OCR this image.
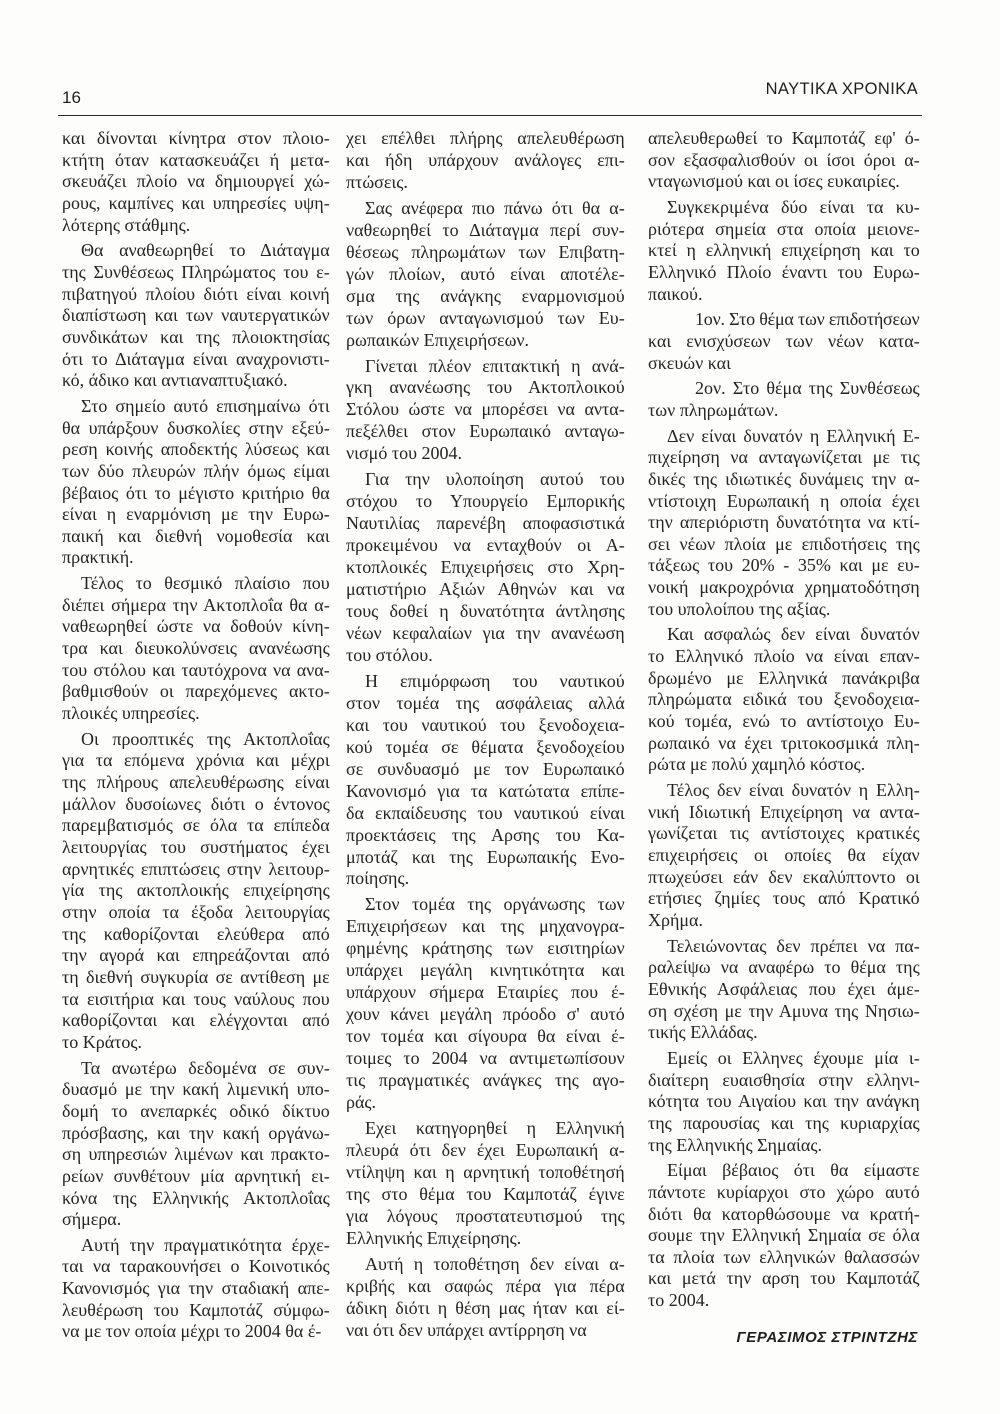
16	ΝΑΥΤΙΚΑ ΧΡΟΝΙΚΑ
και δίνονται κίνητρα στον πλοιο-
κτήτη όταν κατασκευάζει ή μετα-
σκευάζει πλοίο να δημιουργεί χώ-
ρους, καμπίνες και υπηρεσίες υψη-
λότερης στάθμης.
Θα αναθεωρηθεί το Διάταγμα
της Συνθέσεως Πληρώματος του ε-
πιβατηγού πλοίου διότι είναι κοινή
διαπίστωση και των ναυτεργατικών
συνδικάτων και της πλοιοκτησίας
ότι το Διάταγμα είναι αναχρονιστι-
κό, άδικο και αντιαναπτυξιακό.
Στο σημείο αυτό επισημαίνω ότι
θα υπάρξουν δυσκολίες στην εξεύ-
ρεση κοινής αποδεκτής λύσεως και
των δύο πλευρών πλήν όμως είμαι
βέβαιος ότι το μέγιστο κριτήριο θα
είναι η εναρμόνιση με την Ευρω-
παική και διεθνή νομοθεσία και
πρακτική.
Τέλος το θεσμικό πλαίσιο που
διέπει σήμερα την Ακτοπλοΐα θα α-
ναθεωρηθεί ώστε να δοθούν κίνη-
τρα και διευκολύνσεις ανανέωσης
του στόλου και ταυτόχρονα να ανα-
βαθμισθούν οι παρεχόμενες ακτο-
πλοικές υπηρεσίες.
Οι προοπτικές της Ακτοπλοΐας
για τα επόμενα χρόνια και μέχρι
της πλήρους απελευθέρωσης είναι
μάλλον δυσοίωνες διότι ο έντονος
παρεμβατισμός σε όλα τα επίπεδα
λειτουργίας του συστήματος έχει
αρνητικές επιπτώσεις στην λειτουρ-
γία της ακτοπλοικής επιχείρησης
στην οποία τα έξοδα λειτουργίας
της καθορίζονται ελεύθερα από
την αγορά και επηρεάζονται από
τη διεθνή συγκυρία σε αντίθεση με
τα εισιτήρια και τους ναύλους που
καθορίζονται και ελέγχονται από
το Κράτος.
Τα ανωτέρω δεδομένα σε συν-
δυασμό με την κακή λιμενική υπο-
δομή το ανεπαρκές οδικό δίκτυο
πρόσβασης, και την κακή οργάνω-
ση υπηρεσιών λιμένων και πρακτο-
ρείων συνθέτουν μία αρνητική ει-
κόνα της Ελληνικής Ακτοπλοΐας
σήμερα.
Αυτή την πραγματικότητα έρχε-
ται να ταρακουνήσει ο Κοινοτικός
Κανονισμός για την σταδιακή απε-
λευθέρωση του Καμποτάζ σύμφω-
να με τον οποία μέχρι το 2004 θα έ-
χει επέλθει πλήρης απελευθέρωση
και ήδη υπάρχουν ανάλογες επι-
πτώσεις.
Σας ανέφερα πιο πάνω ότι θα α-
ναθεωρηθεί το Διάταγμα περί συν-
θέσεως πληρωμάτων των Επιβατη-
γών πλοίων, αυτό είναι αποτέλε-
σμα της ανάγκης εναρμονισμού
των όρων ανταγωνισμού των Ευ-
ρωπαικών Επιχειρήσεων.
Γίνεται πλέον επιτακτική η ανά-
γκη ανανέωσης του Ακτοπλοικού
Στόλου ώστε να μπορέσει να αντα-
πεξέλθει στον Ευρωπαικό ανταγω-
νισμό του 2004.
Για την υλοποίηση αυτού του
στόχου το Υπουργείο Εμπορικής
Ναυτιλίας παρενέβη αποφασιστικά
προκειμένου να ενταχθούν οι Α-
κτοπλοικές Επιχειρήσεις στο Χρη-
ματιστήριο Αξιών Αθηνών και να
τους δοθεί η δυνατότητα άντλησης
νέων κεφαλαίων για την ανανέωση
του στόλου.
Η επιμόρφωση του ναυτικού
στον τομέα της ασφάλειας αλλά
και του ναυτικού του ξενοδοχεια-
κού τομέα σε θέματα ξενοδοχείου
σε συνδυασμό με τον Ευρωπαικό
Κανονισμό για τα κατώτατα επίπε-
δα εκπαίδευσης του ναυτικού είναι
προεκτάσεις της Αρσης του Κα-
μποτάζ και της Ευρωπαικής Ενο-
ποίησης.
Στον τομέα της οργάνωσης των
Επιχειρήσεων και της μηχανογρα-
φημένης κράτησης των εισιτηρίων
υπάρχει μεγάλη κινητικότητα και
υπάρχουν σήμερα Εταιρίες που έ-
χουν κάνει μεγάλη πρόοδο σ' αυτό
τον τομέα και σίγουρα θα είναι έ-
τοιμες το 2004 να αντιμετωπίσουν
τις πραγματικές ανάγκες της αγο-
ράς.
Εχει κατηγορηθεί η Ελληνική
πλευρά ότι δεν έχει Ευρωπαική α-
ντίληψη και η αρνητική τοποθέτησή
της στο θέμα του Καμποτάζ έγινε
για λόγους προστατευτισμού της
Ελληνικής Επιχείρησης.
Αυτή η τοποθέτηση δεν είναι α-
κριβής και σαφώς πέρα για πέρα
άδικη διότι η θέση μας ήταν και εί-
ναι ότι δεν υπάρχει αντίρρηση να
απελευθερωθεί το Καμποτάζ εφ' ό-
σον εξασφαλισθούν οι ίσοι όροι α-
νταγωνισμού και οι ίσες ευκαιρίες.
Συγκεκριμένα δύο είναι τα κυ-
ριότερα σημεία στα οποία μειονε-
κτεί η ελληνική επιχείρηση και το
Ελληνικό Πλοίο έναντι του Ευρω-
παικού.
1ον. Στο θέμα των επιδοτήσεων
και ενισχύσεων των νέων κατα-
σκευών και
2ον. Στο θέμα της Συνθέσεως
των πληρωμάτων.
Δεν είναι δυνατόν η Ελληνική Ε-
πιχείρηση να ανταγωνίζεται με τις
δικές της ιδιωτικές δυνάμεις την α-
ντίστοιχη Ευρωπαική η οποία έχει
την απεριόριστη δυνατότητα να κτί-
σει νέων πλοία με επιδοτήσεις της
τάξεως του 20% - 35% και με ευ-
νοική μακροχρόνια χρηματοδότηση
του υπολοίπου της αξίας.
Και ασφαλώς δεν είναι δυνατόν
το Ελληνικό πλοίο να είναι επαν-
δρωμένο με Ελληνικά πανάκριβα
πληρώματα ειδικά του ξενοδοχεια-
κού τομέα, ενώ το αντίστοιχο Ευ-
ρωπαικό να έχει τριτοκοσμικά πλη-
ρώτα με πολύ χαμηλό κόστος.
Τέλος δεν είναι δυνατόν η Ελλη-
νική Ιδιωτική Επιχείρηση να αντα-
γωνίζεται τις αντίστοιχες κρατικές
επιχειρήσεις οι οποίες θα είχαν
πτωχεύσει εάν δεν εκαλύπτοντο οι
ετήσιες ζημίες τους από Κρατικό
Χρήμα.
Τελειώνοντας δεν πρέπει να πα-
ραλείψω να αναφέρω το θέμα της
Εθνικής Ασφάλειας που έχει άμε-
ση σχέση με την Αμυνα της Νησιω-
τικής Ελλάδας.
Εμείς οι Ελληνες έχουμε μία ι-
διαίτερη ευαισθησία στην ελληνι-
κότητα του Αιγαίου και την ανάγκη
της παρουσίας και της κυριαρχίας
της Ελληνικής Σημαίας.
Είμαι βέβαιος ότι θα είμαστε
πάντοτε κυρίαρχοι στο χώρο αυτό
διότι θα κατορθώσουμε να κρατή-
σουμε την Ελληνική Σημαία σε όλα
τα πλοία των ελληνικών θαλασσών
και μετά την αρση του Καμποτάζ
το 2004.
ΓΕΡΑΣΙΜΟΣ ΣΤΡΙΝΤΖΗΣ
